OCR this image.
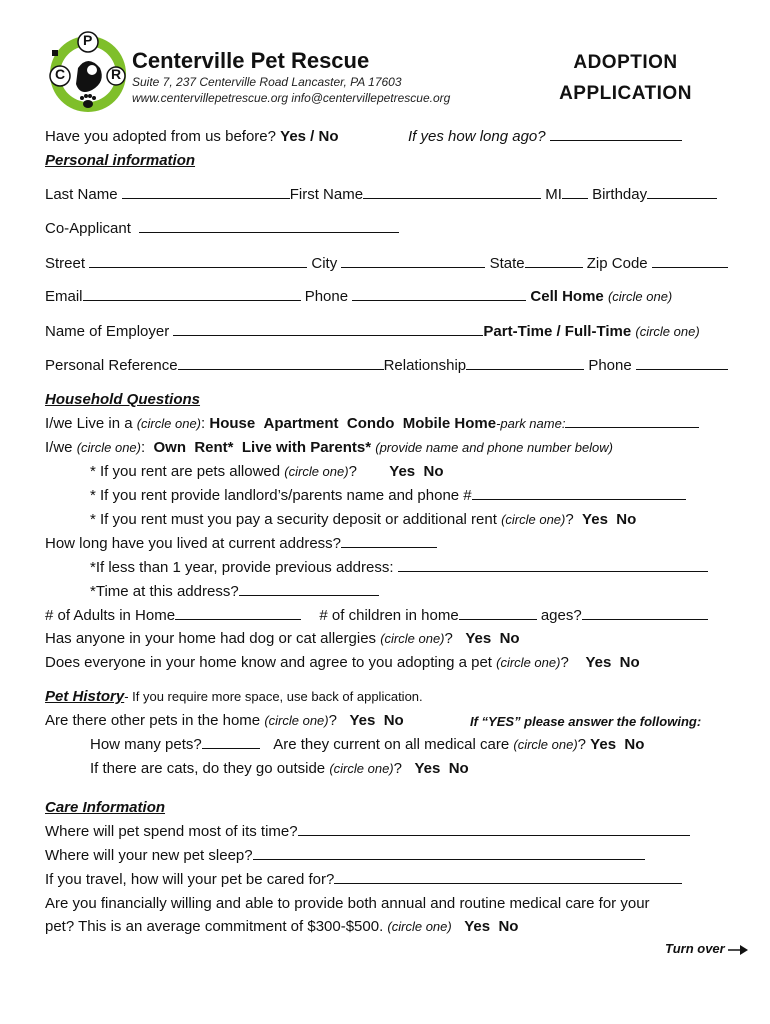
P
C	R
Centerville Pet Rescue
Suite 7, 237 Centerville Road Lancaster, PA 17603
www.centervillepetrescue.org info@centervillepetrescue.org
ADOPTION
APPLICATION
Have you adopted from us before? Yes / No	If yes how long ago?
Personal information
Last Name	First Name	MI Birthday
Co-Applicant
Street	City	State	Zip Code
Email	Phone	Cell Home (circle one)
Name of Employer	Part-Time / Full-Time (circle one)
Personal Reference	Relationship	Phone
Household Questions
I/we Live in a (circle one): House Apartment Condo Mobile Home-park name:
I/we (circle one): Own Rent* Live with Parents* (provide name and phone number below)
* If you rent are pets allowed (circle one)? Yes No
* If you rent provide landlord’s/parents name and phone #
* If you rent must you pay a security deposit or additional rent (circle one)? Yes No
How long have you lived at current address?
*If less than 1 year, provide previous address:
*Time at this address?
# of Adults in Home	# of children in home	ages?
Has anyone in your home had dog or cat allergies (circle one)? Yes No
Does everyone in your home know and agree to you adopting a pet (circle one)? Yes No
Pet History- If you require more space, use back of application.
Are there other pets in the home (circle one)? Yes No	If “YES” please answer the following:
How many pets?	Are they current on all medical care (circle one)? Yes No
If there are cats, do they go outside (circle one)? Yes No
Care Information
Where will pet spend most of its time?
Where will your new pet sleep?
If you travel, how will your pet be cared for?
Are you financially willing and able to provide both annual and routine medical care for your
pet? This is an average commitment of $300-$500. (circle one) Yes No
Turn over
